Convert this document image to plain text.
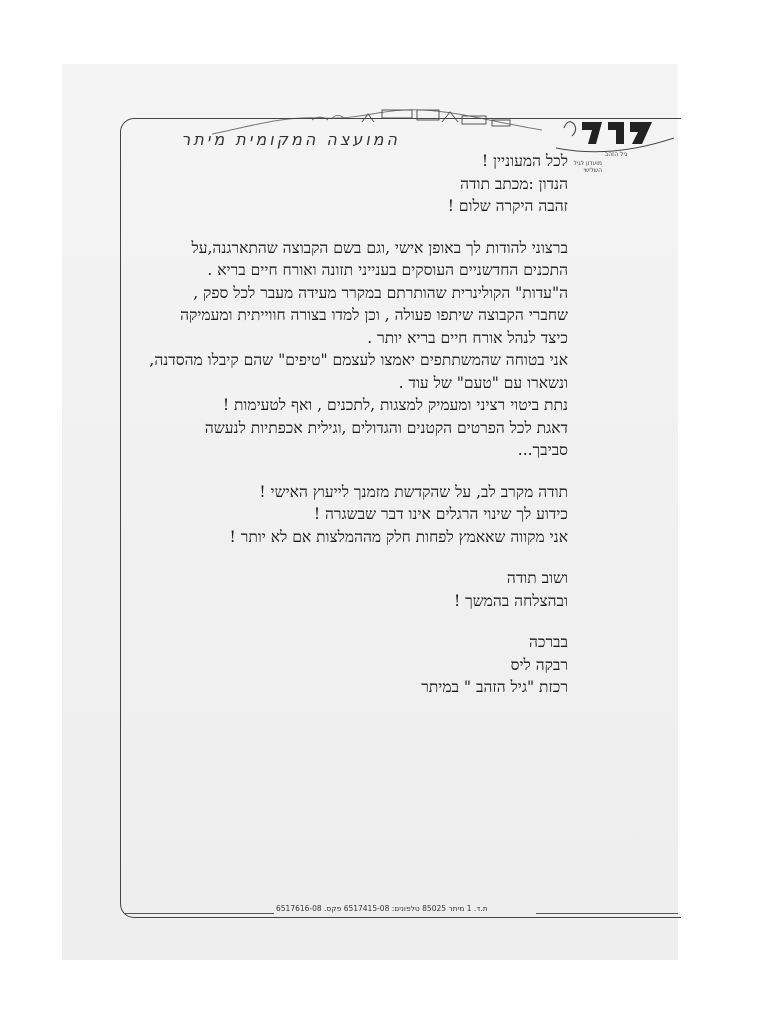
המועצה המקומית מיתר
גיל הזהב
מועדון לגיל השלישי

לכל המעוניין !

הנדון :מכתב תודה

זהבה היקרה שלום !

ברצוני להודות לך באופן אישי ,וגם בשם הקבוצה שהתארגנה,על

התכנים החדשניים העוסקים בענייני תזונה ואורח חיים בריא .

ה"עדות" הקולינרית שהותרתם במקרר מעידה מעבר לכל ספק ,

שחברי הקבוצה שיתפו פעולה , וכן למדו בצורה חווייתית ומעמיקה

כיצד לנהל אורח חיים בריא יותר .

אני בטוחה שהמשתתפים יאמצו לעצמם "טיפים" שהם קיבלו מהסדנה,

ונשארו עם "טעם" של עוד .

נתת ביטוי רציני ומעמיק למצגות ,לתכנים , ואף לטעימות !

דאגת לכל הפרטים הקטנים והגדולים ,וגילית אכפתיות לנעשה

סביבך...

תודה מקרב לב, על שהקדשת מזמנך לייעוץ האישי !

כידוע לך שינוי הרגלים אינו דבר שבשגרה !

אני מקווה שאאמץ לפחות חלק מההמלצות אם לא יותר !

ושוב תודה

ובהצלחה בהמשך !

בברכה

רבקה ליס

רכזת "גיל הזהב " במיתר

ת.ד. 1 מיתר 85025 טלפונים: 6517415-08 פקס. 6517616-08
